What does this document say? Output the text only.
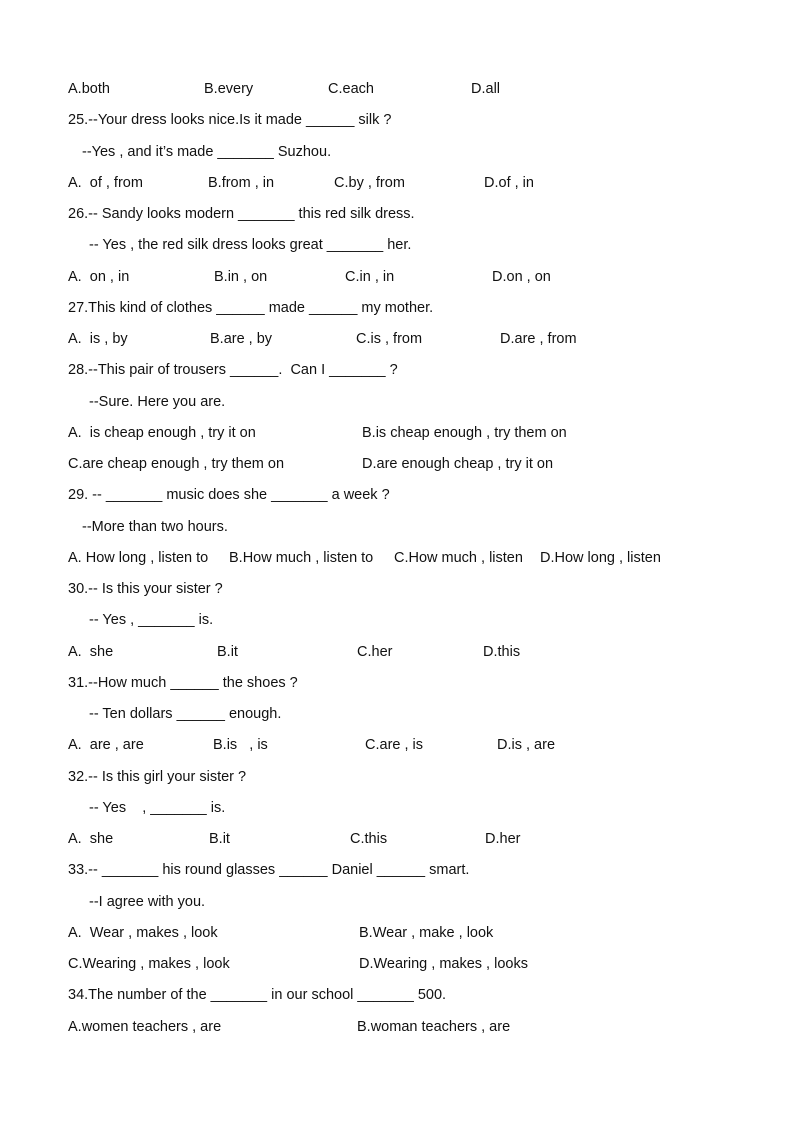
A.both	B.every	C.each	D.all
25.--Your dress looks nice.Is it made ______ silk ?
--Yes , and it’s made _______ Suzhou.
A.  of , from	B.from , in	C.by , from	D.of , in
26.-- Sandy looks modern _______ this red silk dress.
-- Yes , the red silk dress looks great _______ her.
A.  on , in	B.in , on	C.in , in	D.on , on
27.This kind of clothes ______ made ______ my mother.
A.  is , by	B.are , by	C.is , from	D.are , from
28.--This pair of trousers ______.  Can I _______ ?
--Sure. Here you are.
A.  is cheap enough , try it on	B.is cheap enough , try them on
C.are cheap enough , try them on	D.are enough cheap , try it on
29. -- _______ music does she _______ a week ?
--More than two hours.
A. How long , listen to B.How much , listen to C.How much , listen D.How long , listen
30.-- Is this your sister ?
-- Yes , _______ is.
A.  she	B.it	C.her	D.this
31.--How much ______ the shoes ?
-- Ten dollars ______ enough.
A.  are , are	B.is   , is	C.are , is	D.is , are
32.-- Is this girl your sister ?
-- Yes    , _______ is.
A.  she	B.it	C.this	D.her
33.-- _______ his round glasses ______ Daniel ______ smart.
--I agree with you.
A.  Wear , makes , look	B.Wear , make , look
C.Wearing , makes , look	D.Wearing , makes , looks
34.The number of the _______ in our school _______ 500.
A.women teachers , are	B.woman teachers , are
